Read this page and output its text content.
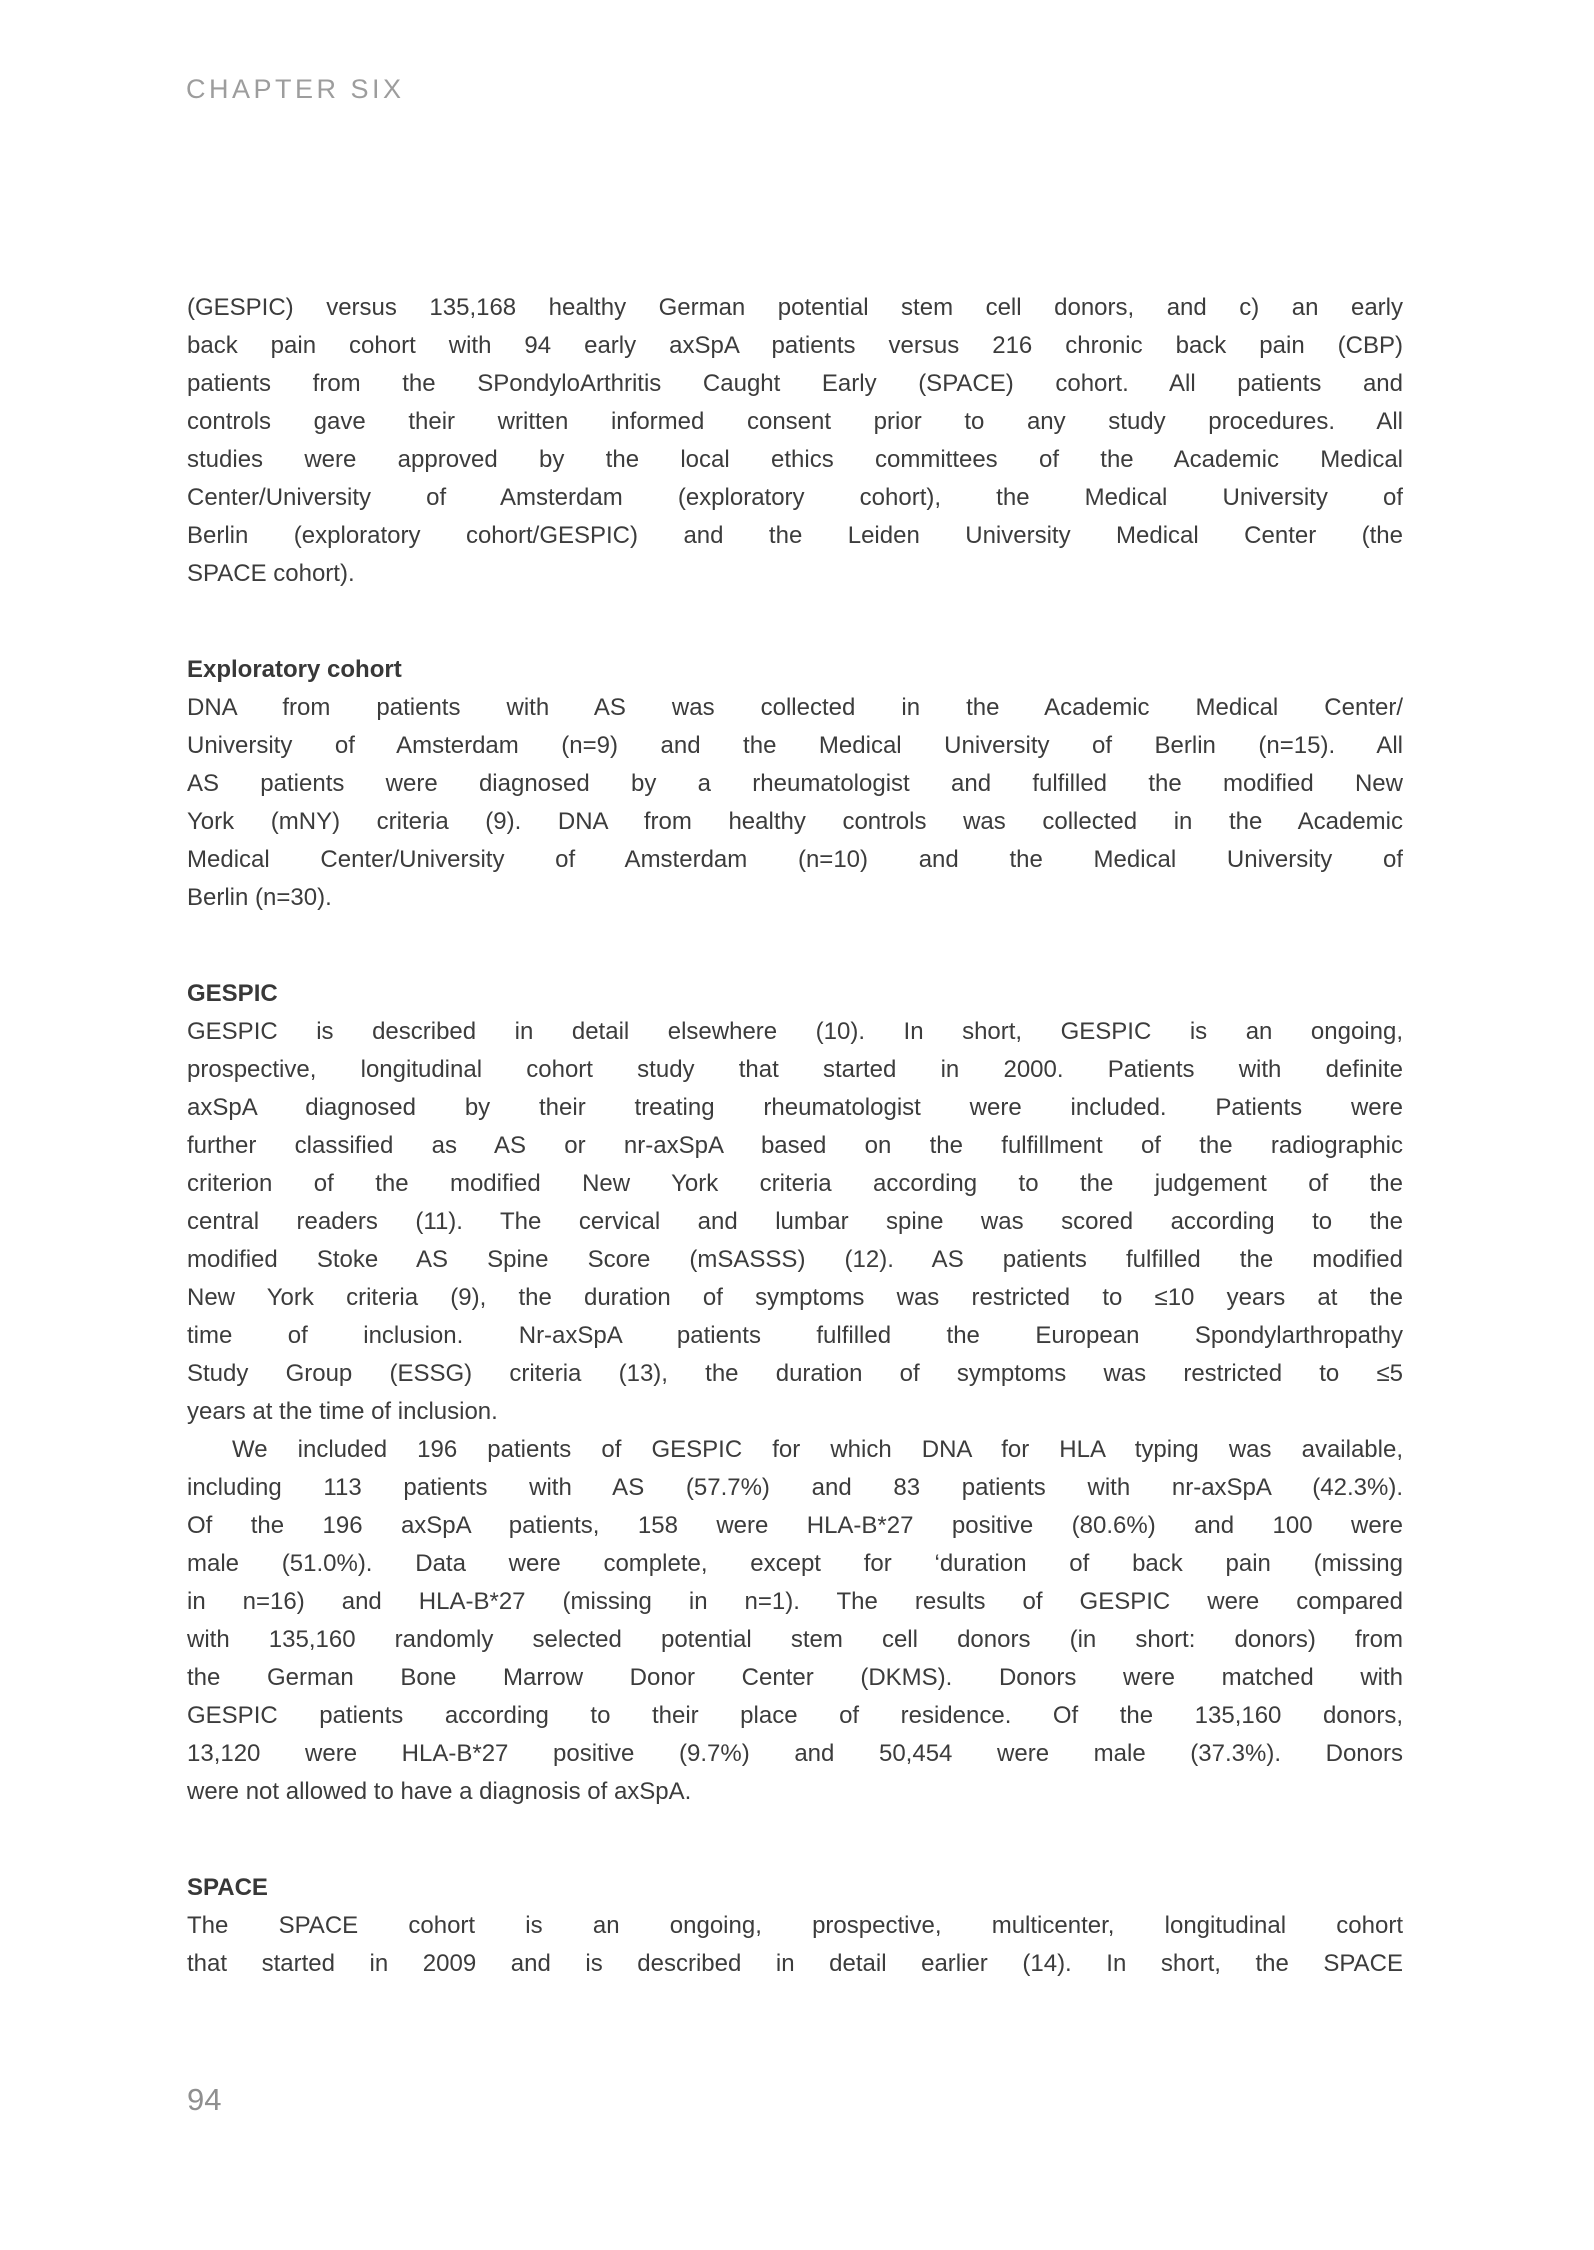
CHAPTER SIX
(GESPIC) versus 135,168 healthy German potential stem cell donors, and c) an early
back pain cohort with 94 early axSpA patients versus 216 chronic back pain (CBP)
patients from the SPondyloArthritis Caught Early (SPACE) cohort. All patients and
controls gave their written informed consent prior to any study procedures. All
studies were approved by the local ethics committees of the Academic Medical
Center/University of Amsterdam (exploratory cohort), the Medical University of
Berlin (exploratory cohort/GESPIC) and the Leiden University Medical Center (the
SPACE cohort).
Exploratory cohort
DNA from patients with AS was collected in the Academic Medical Center/
University of Amsterdam (n=9) and the Medical University of Berlin (n=15). All
AS patients were diagnosed by a rheumatologist and fulfilled the modified New
York (mNY) criteria (9). DNA from healthy controls was collected in the Academic
Medical Center/University of Amsterdam (n=10) and the Medical University of
Berlin (n=30).
GESPIC
GESPIC is described in detail elsewhere (10). In short, GESPIC is an ongoing,
prospective, longitudinal cohort study that started in 2000. Patients with definite
axSpA diagnosed by their treating rheumatologist were included. Patients were
further classified as AS or nr-axSpA based on the fulfillment of the radiographic
criterion of the modified New York criteria according to the judgement of the
central readers (11). The cervical and lumbar spine was scored according to the
modified Stoke AS Spine Score (mSASSS) (12). AS patients fulfilled the modified
New York criteria (9), the duration of symptoms was restricted to ≤10 years at the
time of inclusion. Nr-axSpA patients fulfilled the European Spondylarthropathy
Study Group (ESSG) criteria (13), the duration of symptoms was restricted to ≤5
years at the time of inclusion.
We included 196 patients of GESPIC for which DNA for HLA typing was available,
including 113 patients with AS (57.7%) and 83 patients with nr-axSpA (42.3%).
Of the 196 axSpA patients, 158 were HLA-B*27 positive (80.6%) and 100 were
male (51.0%). Data were complete, except for ‘duration of back pain (missing
in n=16) and HLA-B*27 (missing in n=1). The results of GESPIC were compared
with 135,160 randomly selected potential stem cell donors (in short: donors) from
the German Bone Marrow Donor Center (DKMS). Donors were matched with
GESPIC patients according to their place of residence. Of the 135,160 donors,
13,120 were HLA-B*27 positive (9.7%) and 50,454 were male (37.3%). Donors
were not allowed to have a diagnosis of axSpA.
SPACE
The SPACE cohort is an ongoing, prospective, multicenter, longitudinal cohort
that started in 2009 and is described in detail earlier (14). In short, the SPACE
94
